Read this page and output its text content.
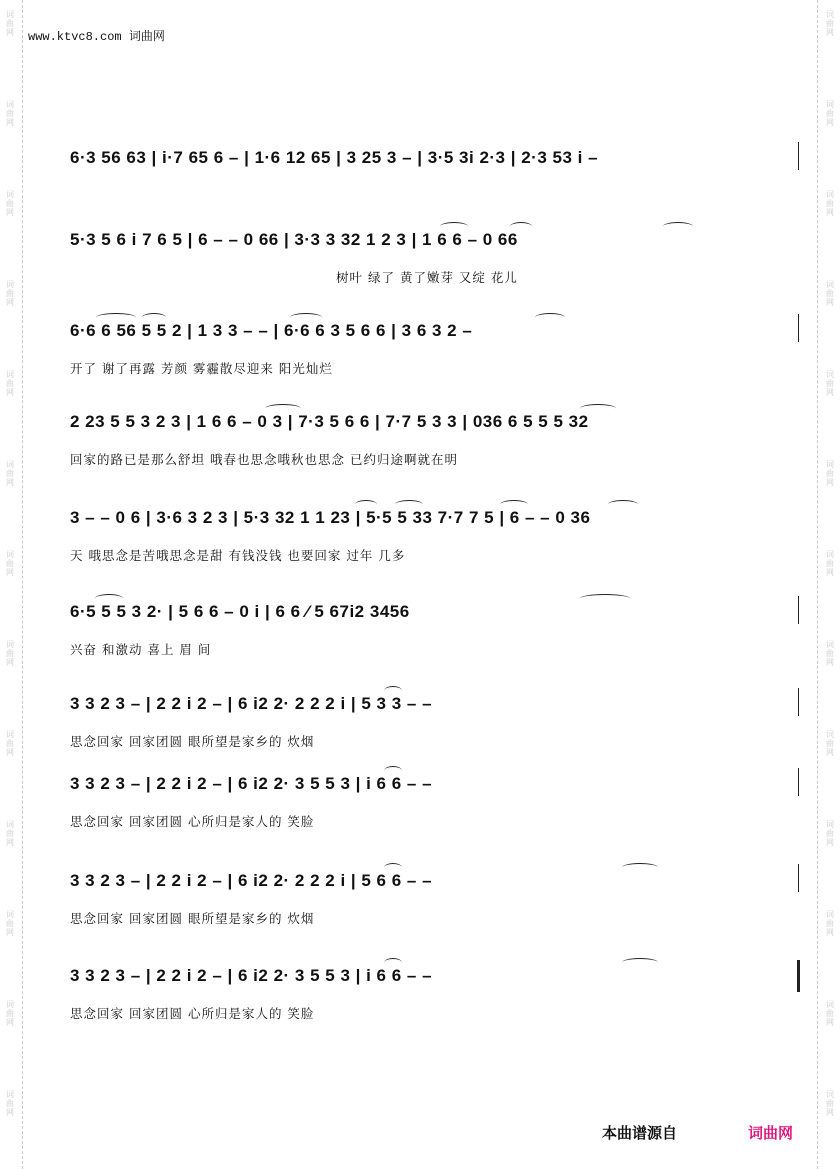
www.ktvc8.com 词曲网
6·3 56 63 | i·7 65 6 – | 1·6 12 65 | 3 25 3 – | 3·5 3i 2·3 | 2·3 53 i –
5·3 5 6 i 7 6 5 | 6 – – 0 66 | 3·3 3 32 1 2 3 | 1 6 6 – 0 66
树叶 绿了 黄了嫩芽 又绽 花儿
6·6 6 56 5 5 2 | 1 3 3 – – | 6·6 6 3 5 6 6 | 3 6 3 2 –
开了 谢了再露 芳颜 雾霾散尽迎来 阳光灿烂
2 23 5 5 3 2 3 | 1 6 6 – 0 3 | 7·3 5 6 6 | 7·7 5 3 3 | 036 6 5 5 5 32
回家的路已是那么舒坦 哦春也思念哦秋也思念 已约归途啊就在明
3 – – 0 6 | 3·6 3 2 3 | 5·3 32 1 1 23 | 5·5 5 33 7·7 7 5 | 6 – – 0 36
天 哦思念是苦哦思念是甜 有钱没钱 也要回家 过年 几多
6·5 5 5 3 2· | 5 6 6 – 0 i | 6 6 ⁄ 5 67i2 3456
兴奋 和激动 喜上 眉 间
3 3 2 3 – | 2 2 i 2 – | 6 i2 2· 2 2 2 i | 5 3 3 – –
思念回家 回家团圆 眼所望是家乡的 炊烟
3 3 2 3 – | 2 2 i 2 – | 6 i2 2· 3 5 5 3 | i 6 6 – –
思念回家 回家团圆 心所归是家人的 笑脸
3 3 2 3 – | 2 2 i 2 – | 6 i2 2· 2 2 2 i | 5 6 6 – –
思念回家 回家团圆 眼所望是家乡的 炊烟
3 3 2 3 – | 2 2 i 2 – | 6 i2 2· 3 5 5 3 | i 6 6 – –
思念回家 回家团圆 心所归是家人的 笑脸
本曲谱源自	词曲网
词
曲
网
词
曲
网
词
曲
网
词
曲
网
词
曲
网
词
曲
网
词
曲
网
词
曲
网
词
曲
网
词
曲
网
词
曲
网
词
曲
网
词
曲
网
词
曲
网
词
曲
网
词
曲
网
词
曲
网
词
曲
网
词
曲
网
词
曲
网
词
曲
网
词
曲
网
词
曲
网
词
曲
网
词
曲
网
词
曲
网
